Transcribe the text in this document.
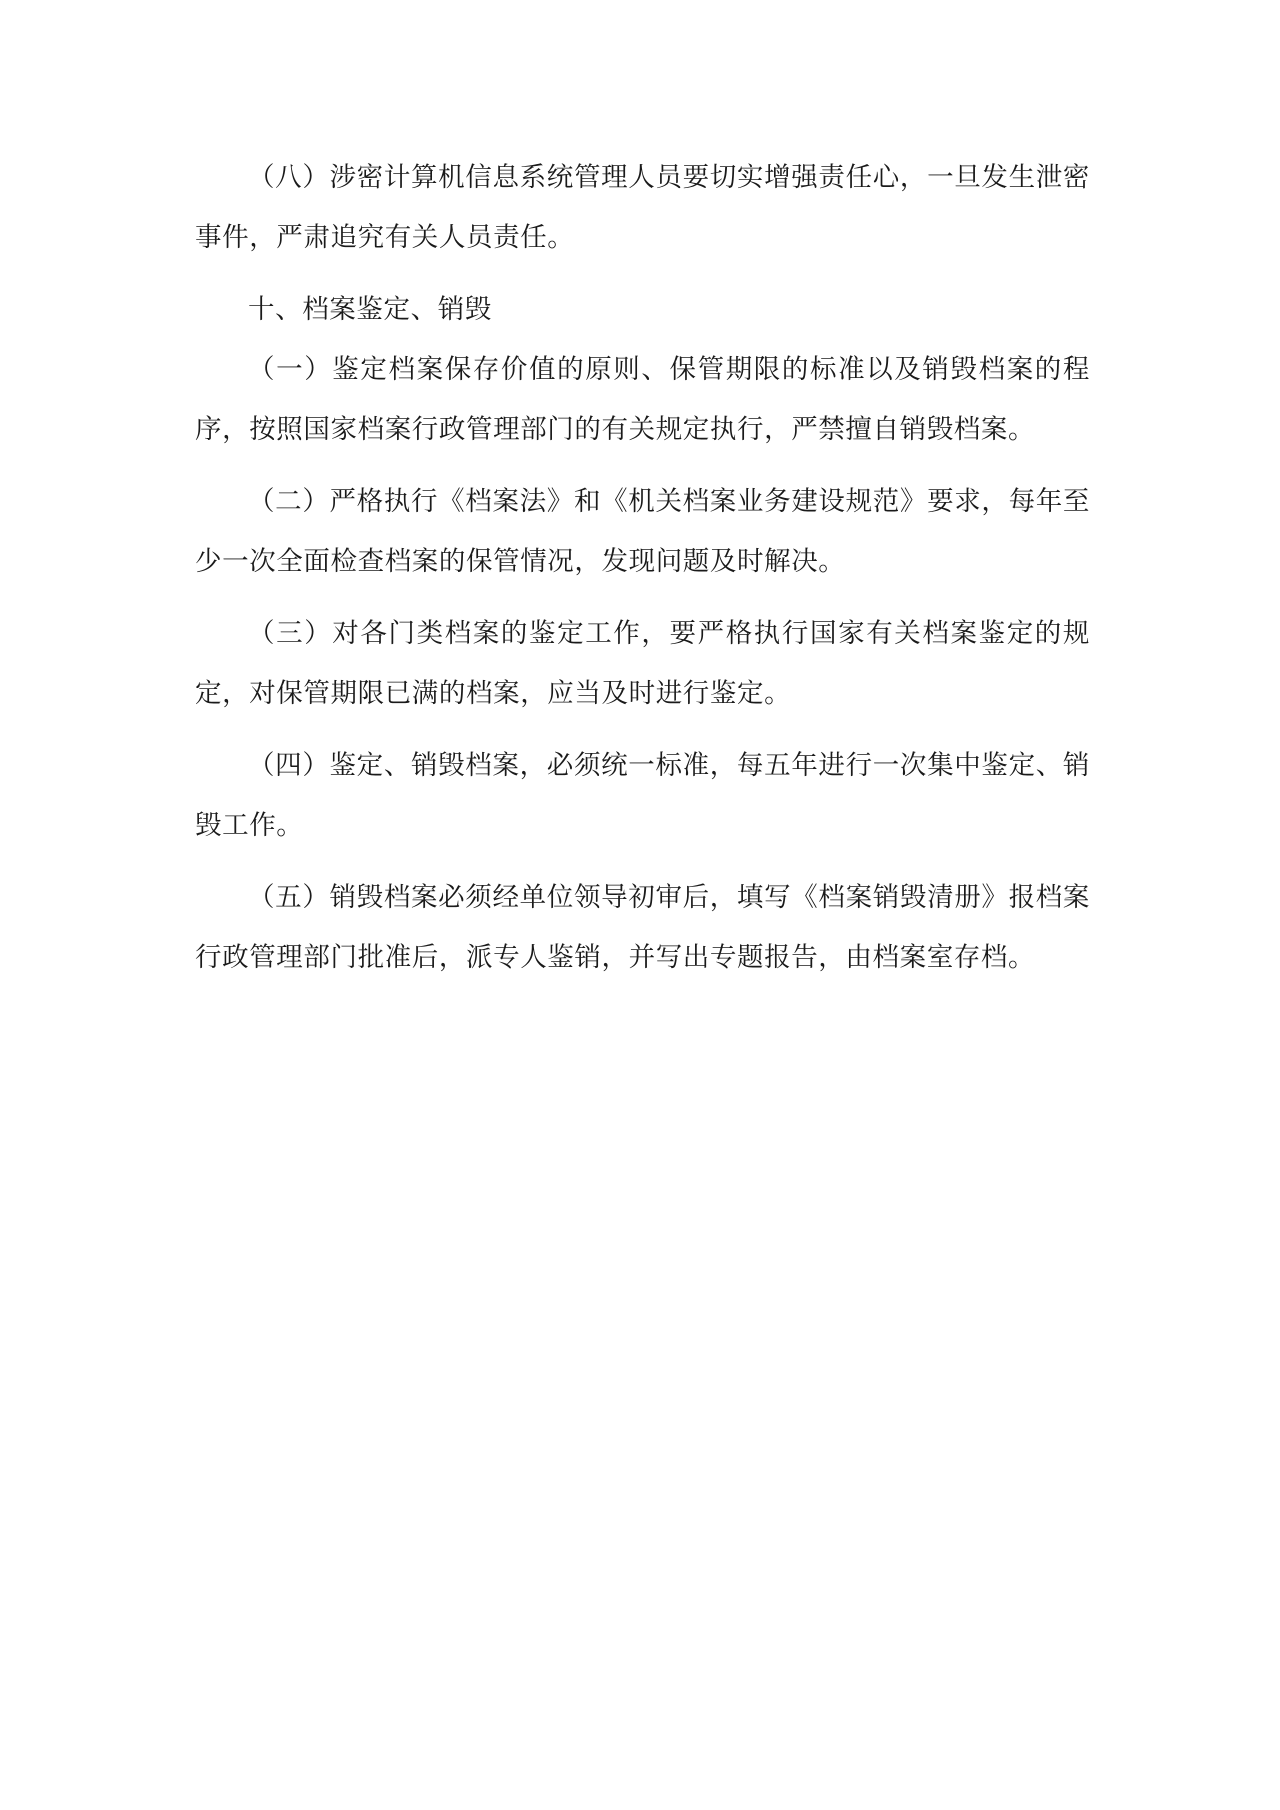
（八）涉密计算机信息系统管理人员要切实增强责任心，一旦发生泄密事件，严肃追究有关人员责任。

十、档案鉴定、销毁

（一）鉴定档案保存价值的原则、保管期限的标准以及销毁档案的程序，按照国家档案行政管理部门的有关规定执行，严禁擅自销毁档案。

（二）严格执行《档案法》和《机关档案业务建设规范》要求，每年至少一次全面检查档案的保管情况，发现问题及时解决。

（三）对各门类档案的鉴定工作，要严格执行国家有关档案鉴定的规定，对保管期限已满的档案，应当及时进行鉴定。

（四）鉴定、销毁档案，必须统一标准，每五年进行一次集中鉴定、销毁工作。

（五）销毁档案必须经单位领导初审后，填写《档案销毁清册》报档案行政管理部门批准后，派专人鉴销，并写出专题报告，由档案室存档。
